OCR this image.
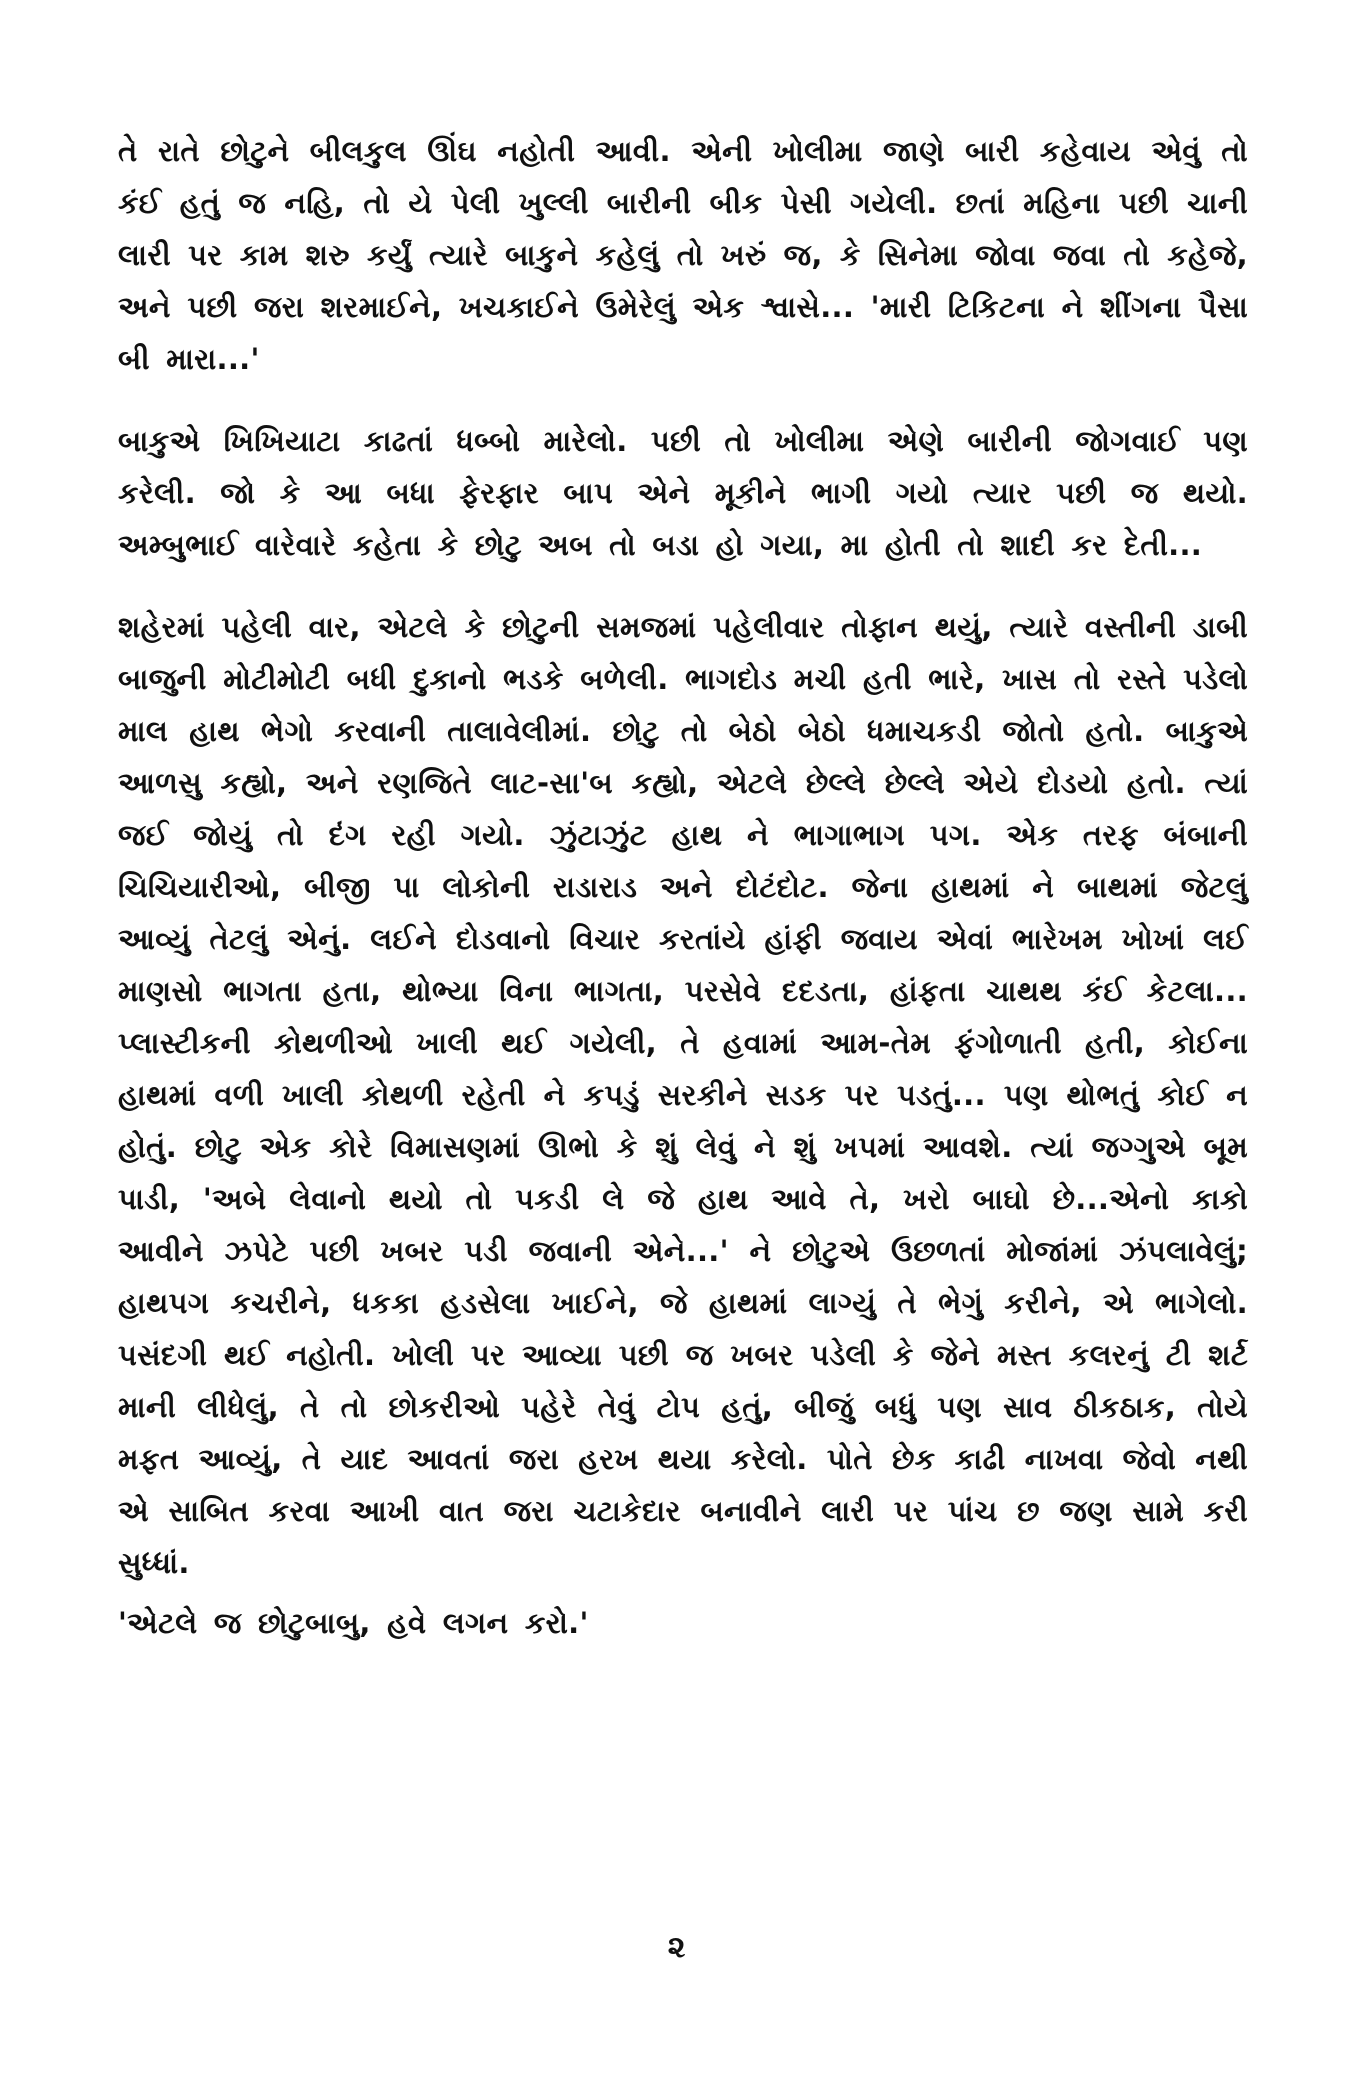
તે રાતે છોટુને બીલકુલ ઊંઘ નહોતી આવી. એની ખોલીમા જાણે બારી કહેવાય એવું તો કંઈ હતું જ નહિ, તો યે પેલી ખુલ્લી બારીની બીક પેસી ગયેલી. છતાં મહિના પછી ચાની લારી પર કામ શરુ કર્યું ત્યારે બાકુને કહેલું તો ખરું જ, કે સિનેમા જોવા જવા તો કહેજે, અને પછી જરા શરમાઈને, ખચકાઈને ઉમેરેલું એક શ્વાસે... 'મારી ટિકિટના ને શીંગના પૈસા બી મારા...'

બાકુએ ખિખિયાટા કાઢતાં ધબ્બો મારેલો. પછી તો ખોલીમા એણે બારીની જોગવાઈ પણ કરેલી. જો કે આ બધા ફેરફાર બાપ એને મૂકીને ભાગી ગયો ત્યાર પછી જ થયો. અમ્બુભાઈ વારેવારે કહેતા કે છોટુ અબ તો બડા હો ગયા, મા હોતી તો શાદી કર દેતી...

શહેરમાં પહેલી વાર, એટલે કે છોટુની સમજમાં પહેલીવાર તોફાન થયું, ત્યારે વસ્તીની ડાબી બાજુની મોટીમોટી બધી દુકાનો ભડકે બળેલી. ભાગદોડ મચી હતી ભારે, ખાસ તો રસ્તે પડેલો માલ હાથ ભેગો કરવાની તાલાવેલીમાં. છોટુ તો બેઠો બેઠો ધમાચકડી જોતો હતો. બાકુએ આળસુ કહ્યો, અને રણજિતે લાટ-સા'બ કહ્યો, એટલે છેલ્લે છેલ્લે એયે દોડયો હતો. ત્યાં જઈ જોયું તો દંગ રહી ગયો. ઝુંટાઝુંટ હાથ ને ભાગાભાગ પગ. એક તરફ બંબાની ચિચિયારીઓ, બીજી પા લોકોની રાડારાડ અને દોટંદોટ. જેના હાથમાં ને બાથમાં જેટલું આવ્યું તેટલું એનું. લઈને દોડવાનો વિચાર કરતાંયે હાંફી જવાય એવાં ભારેખમ ખોખાં લઈ માણસો ભાગતા હતા, થોભ્યા વિના ભાગતા, પરસેવે દદડતા, હાંફતા ચાથથ કંઈ કેટલા... પ્લાસ્ટીકની કોથળીઓ ખાલી થઈ ગયેલી, તે હવામાં આમ-તેમ ફંગોળાતી હતી, કોઈના હાથમાં વળી ખાલી કોથળી રહેતી ને કપડું સરકીને સડક પર પડતું... પણ થોભતું કોઈ ન હોતું. છોટુ એક કોરે વિમાસણમાં ઊભો કે શું લેવું ને શું ખપમાં આવશે. ત્યાં જગ્ગુએ બૂમ પાડી, 'અબે લેવાનો થયો તો પકડી લે જે હાથ આવે તે, ખરો બાઘો છે...એનો કાકો આવીને ઝપેટે પછી ખબર પડી જવાની એને...' ને છોટુએ ઉછળતાં મોજાંમાં ઝંપલાવેલું; હાથપગ કચરીને, ધકકા હડસેલા ખાઈને, જે હાથમાં લાગ્યું તે ભેગું કરીને, એ ભાગેલો. પસંદગી થઈ નહોતી. ખોલી પર આવ્યા પછી જ ખબર પડેલી કે જેને મસ્ત કલરનું ટી શર્ટ માની લીધેલું, તે તો છોકરીઓ પહેરે તેવું ટોપ હતું, બીજું બધું પણ સાવ ઠીકઠાક, તોયે મફત આવ્યું, તે યાદ આવતાં જરા હરખ થયા કરેલો. પોતે છેક કાઢી નાખવા જેવો નથી એ સાબિત કરવા આખી વાત જરા ચટાકેદાર બનાવીને લારી પર પાંચ છ જણ સામે કરી સુધ્ધાં.

'એટલે જ છોટુબાબુ, હવે લગન કરો.'

૨
